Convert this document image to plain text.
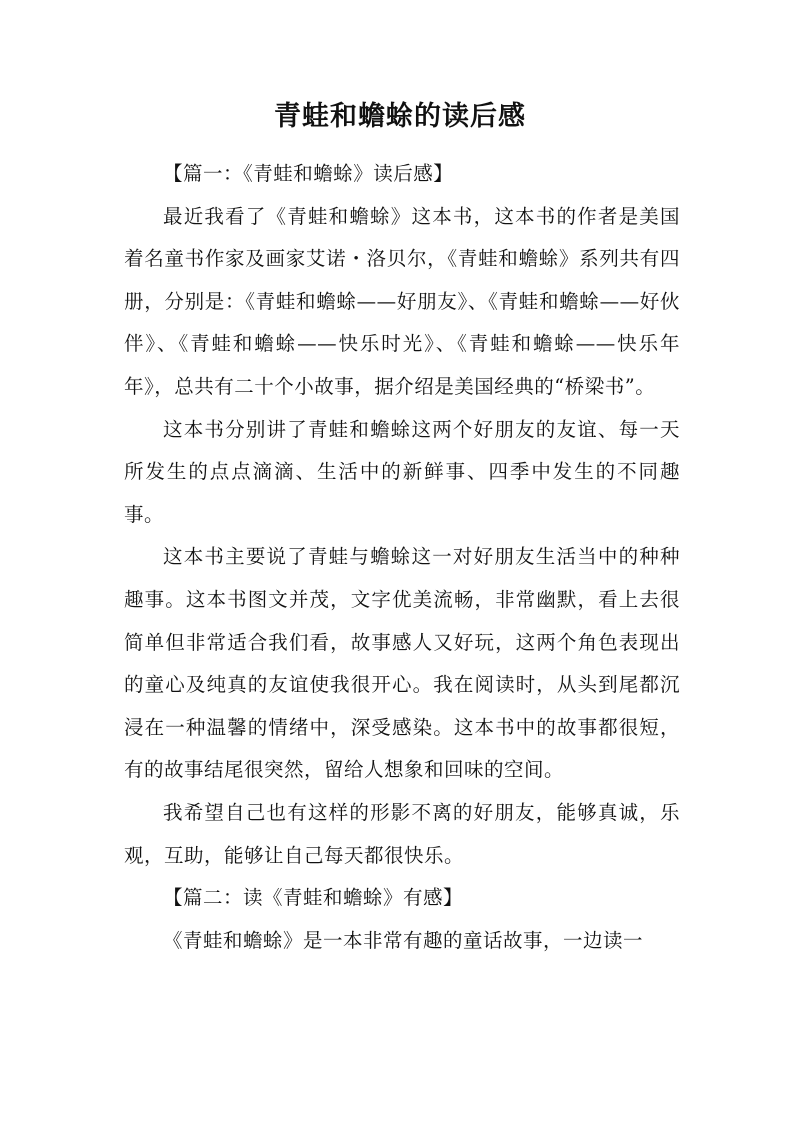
青蛙和蟾蜍的读后感

【篇一：《青蛙和蟾蜍》读后感】

最近我看了《青蛙和蟾蜍》这本书，这本书的作者是美国着名童书作家及画家艾诺・洛贝尔，《青蛙和蟾蜍》系列共有四册，分别是：《青蛙和蟾蜍——好朋友》、《青蛙和蟾蜍——好伙伴》、《青蛙和蟾蜍——快乐时光》、《青蛙和蟾蜍——快乐年年》，总共有二十个小故事，据介绍是美国经典的“桥梁书”。

这本书分别讲了青蛙和蟾蜍这两个好朋友的友谊、每一天所发生的点点滴滴、生活中的新鲜事、四季中发生的不同趣事。

这本书主要说了青蛙与蟾蜍这一对好朋友生活当中的种种趣事。这本书图文并茂，文字优美流畅，非常幽默，看上去很简单但非常适合我们看，故事感人又好玩，这两个角色表现出的童心及纯真的友谊使我很开心。我在阅读时，从头到尾都沉浸在一种温馨的情绪中，深受感染。这本书中的故事都很短，有的故事结尾很突然，留给人想象和回味的空间。

我希望自己也有这样的形影不离的好朋友，能够真诚，乐观，互助，能够让自己每天都很快乐。

【篇二：读《青蛙和蟾蜍》有感】

《青蛙和蟾蜍》是一本非常有趣的童话故事，一边读一
